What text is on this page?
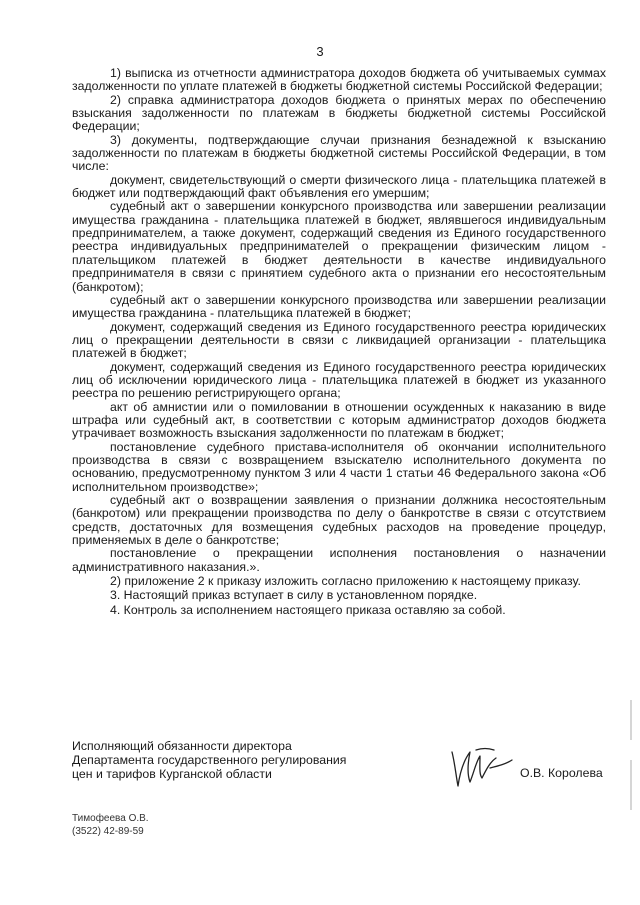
3

1) выписка из отчетности администратора доходов бюджета об учитываемых суммах задолженности по уплате платежей в бюджеты бюджетной системы Российской Федерации;

2) справка администратора доходов бюджета о принятых мерах по обеспечению взыскания задолженности по платежам в бюджеты бюджетной системы Российской Федерации;

3) документы, подтверждающие случаи признания безнадежной к взысканию задолженности по платежам в бюджеты бюджетной системы Российской Федерации, в том числе:

документ, свидетельствующий о смерти физического лица - плательщика платежей в бюджет или подтверждающий факт объявления его умершим;

судебный акт о завершении конкурсного производства или завершении реализации имущества гражданина - плательщика платежей в бюджет, являвшегося индивидуальным предпринимателем, а также документ, содержащий сведения из Единого государственного реестра индивидуальных предпринимателей о прекращении физическим лицом - плательщиком платежей в бюджет деятельности в качестве индивидуального предпринимателя в связи с принятием судебного акта о признании его несостоятельным (банкротом);

судебный акт о завершении конкурсного производства или завершении реализации имущества гражданина - плательщика платежей в бюджет;

документ, содержащий сведения из Единого государственного реестра юридических лиц о прекращении деятельности в связи с ликвидацией организации - плательщика платежей в бюджет;

документ, содержащий сведения из Единого государственного реестра юридических лиц об исключении юридического лица - плательщика платежей в бюджет из указанного реестра по решению регистрирующего органа;

акт об амнистии или о помиловании в отношении осужденных к наказанию в виде штрафа или судебный акт, в соответствии с которым администратор доходов бюджета утрачивает возможность взыскания задолженности по платежам в бюджет;

постановление судебного пристава-исполнителя об окончании исполнительного производства в связи с возвращением взыскателю исполнительного документа по основанию, предусмотренному пунктом 3 или 4 части 1 статьи 46 Федерального закона «Об исполнительном производстве»;

судебный акт о возвращении заявления о признании должника несостоятельным (банкротом) или прекращении производства по делу о банкротстве в связи с отсутствием средств, достаточных для возмещения судебных расходов на проведение процедур, применяемых в деле о банкротстве;

постановление о прекращении исполнения постановления о назначении административного наказания.».

2) приложение 2 к приказу изложить согласно приложению к настоящему приказу.

3. Настоящий приказ вступает в силу в установленном порядке.

4. Контроль за исполнением настоящего приказа оставляю за собой.

Исполняющий обязанности директора
Департамента государственного регулирования
цен и тарифов Курганской области	О.В. Королева
Тимофеева О.В.
(3522) 42-89-59
